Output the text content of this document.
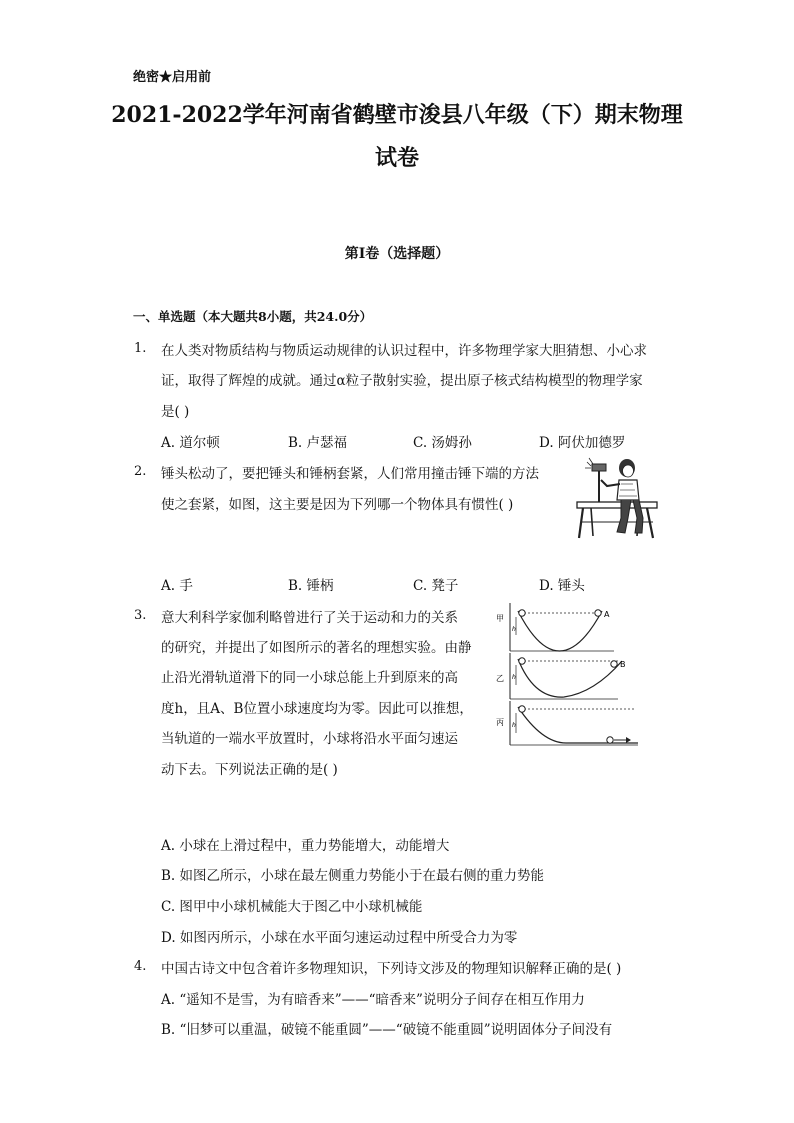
绝密★启用前
2021-2022学年河南省鹤壁市浚县八年级（下）期末物理
试卷
第I卷（选择题）
一、单选题（本大题共8小题，共24.0分）
1. 在人类对物质结构与物质运动规律的认识过程中，许多物理学家大胆猜想、小心求
证，取得了辉煌的成就。通过α粒子散射实验，提出原子核式结构模型的物理学家
是( )
A. 道尔顿	B. 卢瑟福	C. 汤姆孙	D. 阿伏加德罗
2. 锤头松动了，要把锤头和锤柄套紧，人们常用撞击锤下端的方法
使之套紧，如图，这主要是因为下列哪一个物体具有惯性( )
A. 手	B. 锤柄	C. 凳子	D. 锤头
3. 意大利科学家伽利略曾进行了关于运动和力的关系
的研究，并提出了如图所示的著名的理想实验。由静
止沿光滑轨道滑下的同一小球总能上升到原来的高
度h，且A、B位置小球速度均为零。因此可以推想，
当轨道的一端水平放置时，小球将沿水平面匀速运
动下去。下列说法正确的是( )
甲	A
h
乙
B
h
丙 h
A. 小球在上滑过程中，重力势能增大，动能增大
B. 如图乙所示，小球在最左侧重力势能小于在最右侧的重力势能
C. 图甲中小球机械能大于图乙中小球机械能
D. 如图丙所示，小球在水平面匀速运动过程中所受合力为零
4. 中国古诗文中包含着许多物理知识，下列诗文涉及的物理知识解释正确的是( )
A. “遥知不是雪，为有暗香来”——“暗香来”说明分子间存在相互作用力
B. “旧梦可以重温，破镜不能重圆”——“破镜不能重圆”说明固体分子间没有
